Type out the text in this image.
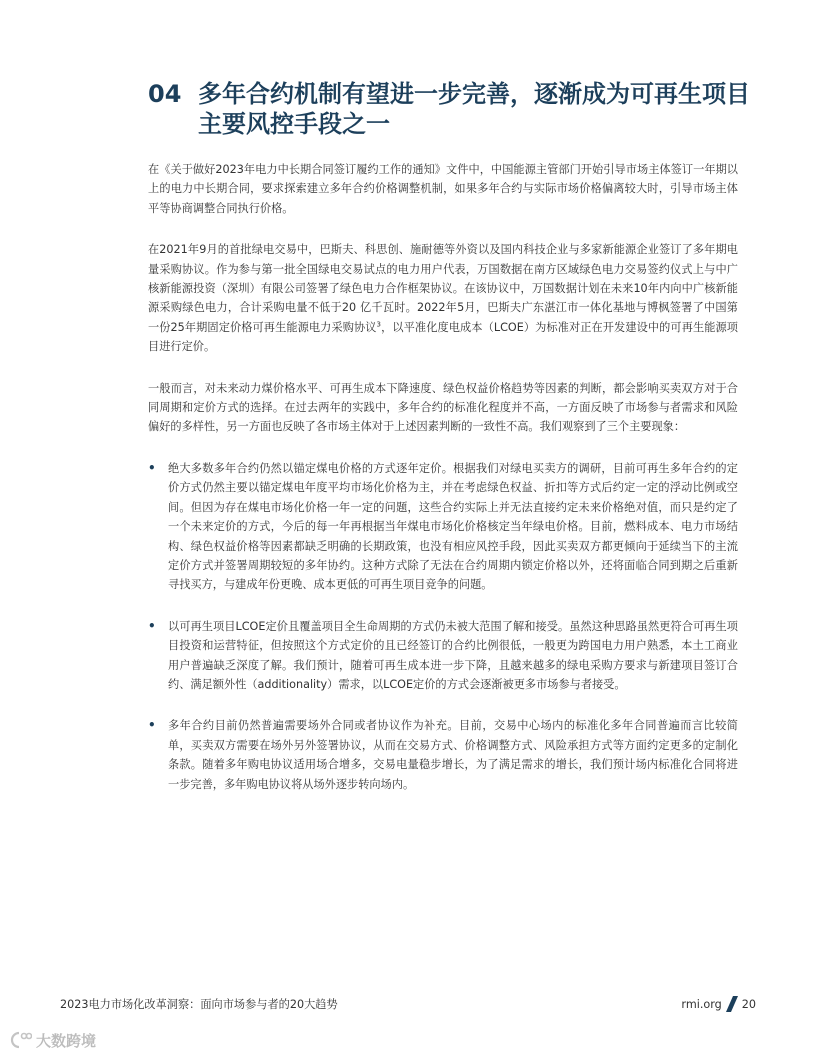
04 多年合约机制有望进一步完善，逐渐成为可再生项目主要风控手段之一

在《关于做好2023年电力中长期合同签订履约工作的通知》文件中，中国能源主管部门开始引导市场主体签订一年期以上的电力中长期合同，要求探索建立多年合约价格调整机制，如果多年合约与实际市场价格偏离较大时，引导市场主体平等协商调整合同执行价格。

在2021年9月的首批绿电交易中，巴斯夫、科思创、施耐德等外资以及国内科技企业与多家新能源企业签订了多年期电量采购协议。作为参与第一批全国绿电交易试点的电力用户代表，万国数据在南方区域绿色电力交易签约仪式上与中广核新能源投资（深圳）有限公司签署了绿色电力合作框架协议。在该协议中，万国数据计划在未来10年内向中广核新能源采购绿色电力，合计采购电量不低于20 亿千瓦时。2022年5月，巴斯夫广东湛江市一体化基地与博枫签署了中国第一份25年期固定价格可再生能源电力采购协议$^3$，以平准化度电成本（LCOE）为标准对正在开发建设中的可再生能源项目进行定价。

一般而言，对未来动力煤价格水平、可再生成本下降速度、绿色权益价格趋势等因素的判断，都会影响买卖双方对于合同周期和定价方式的选择。在过去两年的实践中，多年合约的标准化程度并不高，一方面反映了市场参与者需求和风险偏好的多样性，另一方面也反映了各市场主体对于上述因素判断的一致性不高。我们观察到了三个主要现象：

• 绝大多数多年合约仍然以锚定煤电价格的方式逐年定价。根据我们对绿电买卖方的调研，目前可再生多年合约的定价方式仍然主要以锚定煤电年度平均市场化价格为主，并在考虑绿色权益、折扣等方式后约定一定的浮动比例或空间。但因为存在煤电市场化价格一年一定的问题，这些合约实际上并无法直接约定未来价格绝对值，而只是约定了一个未来定价的方式，今后的每一年再根据当年煤电市场化价格核定当年绿电价格。目前，燃料成本、电力市场结构、绿色权益价格等因素都缺乏明确的长期政策，也没有相应风控手段，因此买卖双方都更倾向于延续当下的主流定价方式并签署周期较短的多年协约。这种方式除了无法在合约周期内锁定价格以外，还将面临合同到期之后重新寻找买方，与建成年份更晚、成本更低的可再生项目竞争的问题。
• 以可再生项目LCOE定价且覆盖项目全生命周期的方式仍未被大范围了解和接受。虽然这种思路虽然更符合可再生项目投资和运营特征，但按照这个方式定价的且已经签订的合约比例很低，一般更为跨国电力用户熟悉，本土工商业用户普遍缺乏深度了解。我们预计，随着可再生成本进一步下降，且越来越多的绿电采购方要求与新建项目签订合约、满足额外性（additionality）需求，以LCOE定价的方式会逐渐被更多市场参与者接受。
• 多年合约目前仍然普遍需要场外合同或者协议作为补充。目前，交易中心场内的标准化多年合同普遍而言比较简单，买卖双方需要在场外另外签署协议，从而在交易方式、价格调整方式、风险承担方式等方面约定更多的定制化条款。随着多年购电协议适用场合增多，交易电量稳步增长，为了满足需求的增长，我们预计场内标准化合同将进一步完善，多年购电协议将从场外逐步转向场内。
2023电力市场化改革洞察：面向市场参与者的20大趋势	rmi.org 20
大数跨境
